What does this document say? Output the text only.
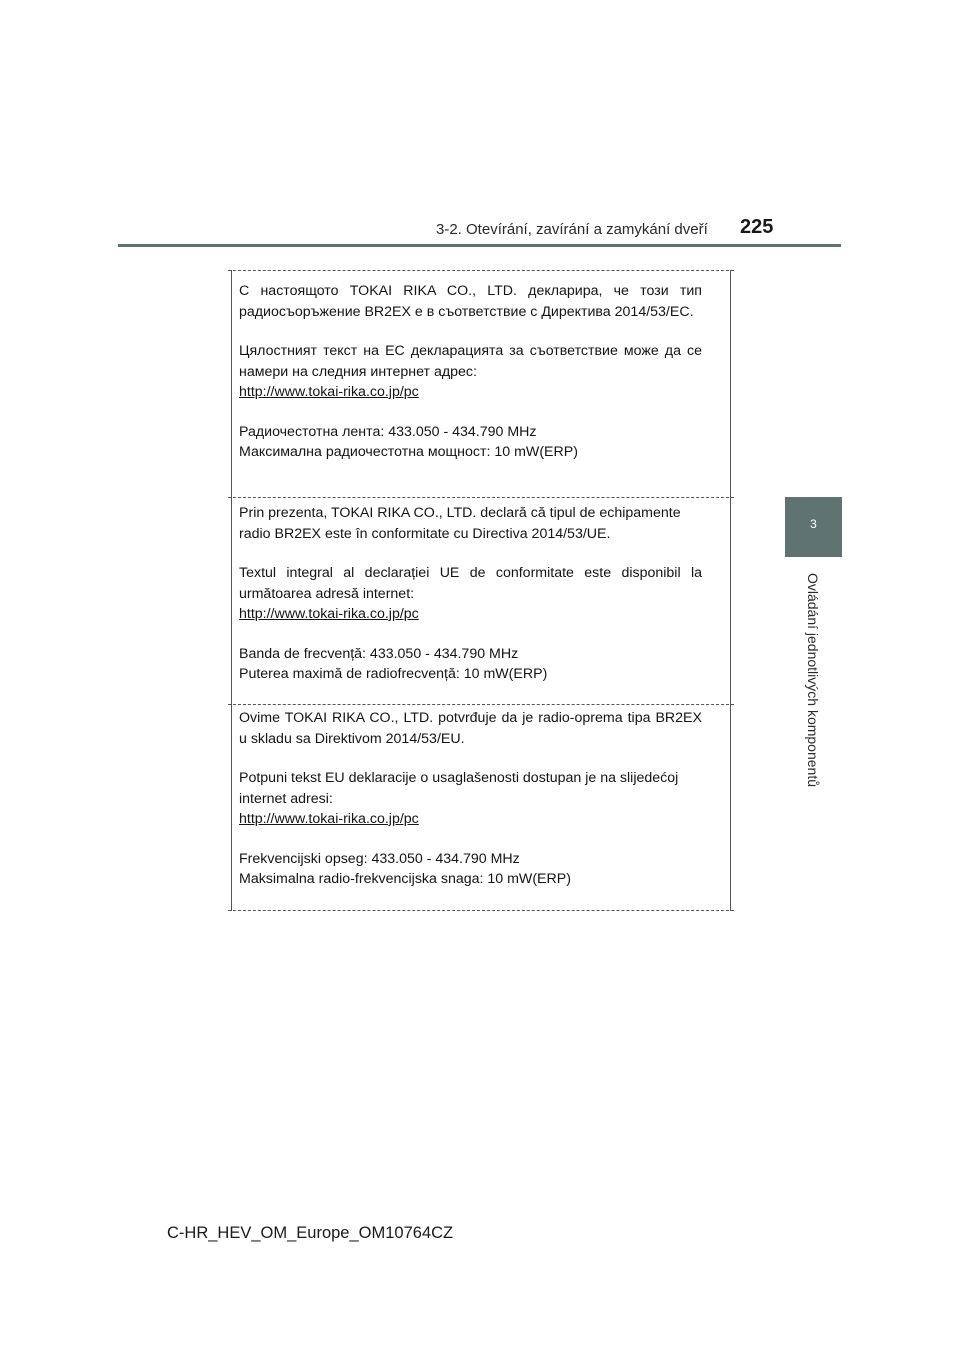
3-2. Otevírání, zavírání a zamykání dveří 225
3
Ovládání jednotlivých komponentů

С настоящото TOKAI RIKA CO., LTD. декларира, че този тип радиосъоръжение BR2EX е в съответствие с Директива 2014/53/ЕС.

Цялостният текст на ЕС декларацията за съответствие може да се намери на следния интернет адрес:

http://www.tokai-rika.co.jp/pc

Радиочестотна лента: 433.050 - 434.790 MHz

Максимална радиочестотна мощност: 10 mW(ERP)

Prin prezenta, TOKAI RIKA CO., LTD. declară că tipul de echipamente radio BR2EX este în conformitate cu Directiva 2014/53/UE.

Textul integral al declarației UE de conformitate este disponibil la următoarea adresă internet:

http://www.tokai-rika.co.jp/pc

Banda de frecvență: 433.050 - 434.790 MHz

Puterea maximă de radiofrecvență: 10 mW(ERP)

Ovime TOKAI RIKA CO., LTD. potvrđuje da je radio-oprema tipa BR2EX u skladu sa Direktivom 2014/53/EU.

Potpuni tekst EU deklaracije o usaglašenosti dostupan je na slijedećoj internet adresi:

http://www.tokai-rika.co.jp/pc

Frekvencijski opseg: 433.050 - 434.790 MHz

Maksimalna radio-frekvencijska snaga: 10 mW(ERP)

C-HR_HEV_OM_Europe_OM10764CZ
